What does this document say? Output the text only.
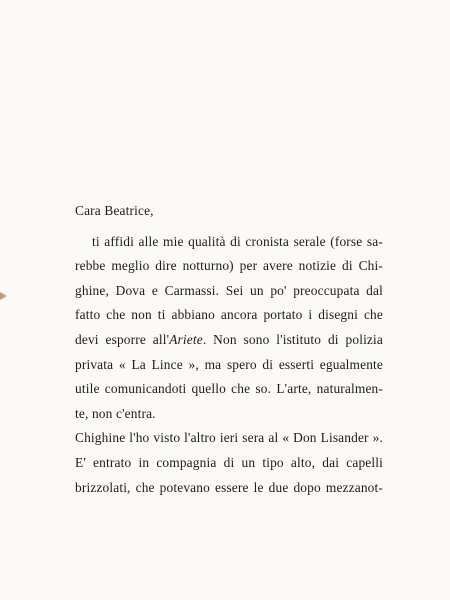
Cara Beatrice,
ti affidi alle mie qualità di cronista serale (forse sa-
rebbe meglio dire notturno) per avere notizie di Chi-
ghine, Dova e Carmassi. Sei un po' preoccupata dal
fatto che non ti abbiano ancora portato i disegni che
devi esporre all'Ariete. Non sono l'istituto di polizia
privata « La Lince », ma spero di esserti egualmente
utile comunicandoti quello che so. L'arte, naturalmen-
te, non c'entra.
Chighine l'ho visto l'altro ieri sera al « Don Lisander ».
E' entrato in compagnia di un tipo alto, dai capelli
brizzolati, che potevano essere le due dopo mezzanot-
